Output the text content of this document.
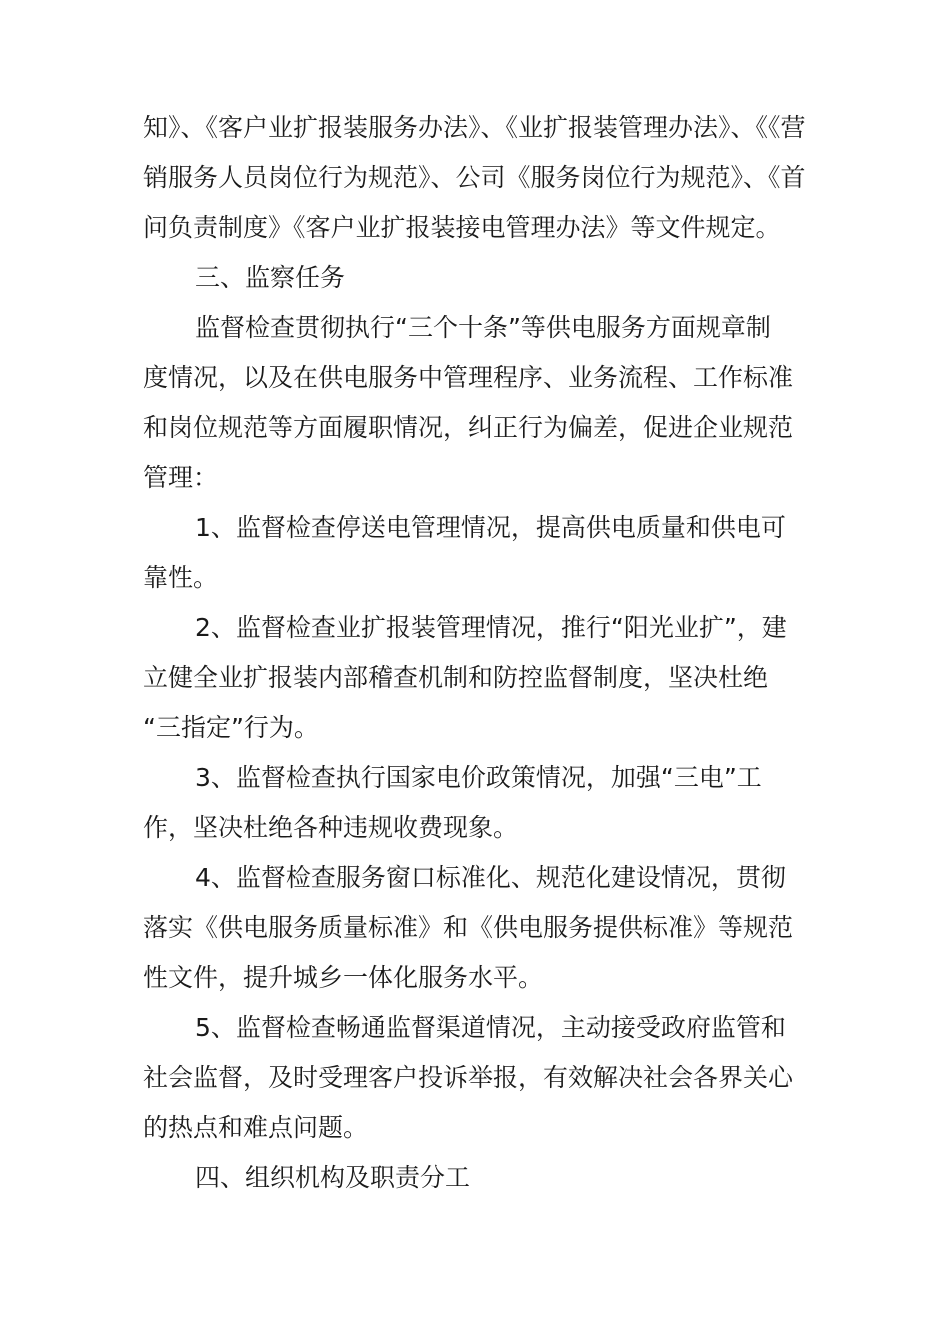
知》、《客户业扩报装服务办法》、《业扩报装管理办法》、《《营
销服务人员岗位行为规范》、公司《服务岗位行为规范》、《首
问负责制度》《客户业扩报装接电管理办法》等文件规定。
三、监察任务
监督检查贯彻执行“三个十条”等供电服务方面规章制
度情况，以及在供电服务中管理程序、业务流程、工作标准
和岗位规范等方面履职情况，纠正行为偏差，促进企业规范
管理：
1、监督检查停送电管理情况，提高供电质量和供电可
靠性。
2、监督检查业扩报装管理情况，推行“阳光业扩”，建
立健全业扩报装内部稽查机制和防控监督制度，坚决杜绝
“三指定”行为。
3、监督检查执行国家电价政策情况，加强“三电”工
作，坚决杜绝各种违规收费现象。
4、监督检查服务窗口标准化、规范化建设情况，贯彻
落实《供电服务质量标准》和《供电服务提供标准》等规范
性文件，提升城乡一体化服务水平。
5、监督检查畅通监督渠道情况，主动接受政府监管和
社会监督，及时受理客户投诉举报，有效解决社会各界关心
的热点和难点问题。
四、组织机构及职责分工
